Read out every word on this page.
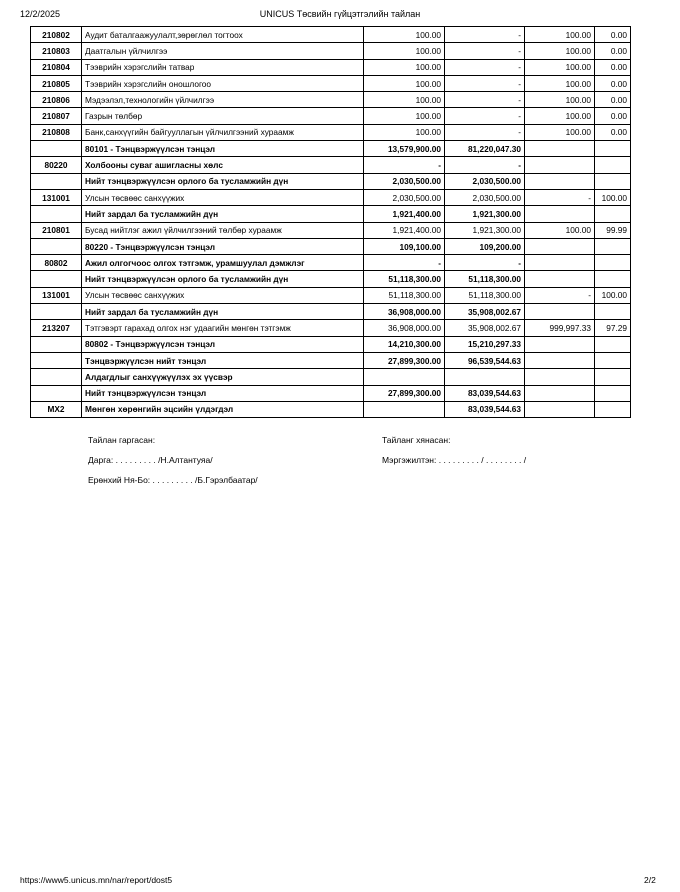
12/2/2025	UNICUS Төсвийн гүйцэтгэлийн тайлан
210802	Аудит баталгаажуулалт,зөрөглөл тогтоох	100.00	-	100.00	0.00
210803	Даатгалын үйлчилгээ	100.00	-	100.00	0.00
210804	Тээврийн хэрэгслийн татвар	100.00	-	100.00	0.00
210805	Тээврийн хэрэгслийн оношлогоо	100.00	-	100.00	0.00
210806	Мэдээлэл,технологийн үйлчилгээ	100.00	-	100.00	0.00
210807	Газрын төлбөр	100.00	-	100.00	0.00
210808	Банк,санхүүгийн байгууллагын үйлчилгээний хураамж	100.00	-	100.00	0.00
	80101 - Тэнцвэржүүлсэн тэнцэл	13,579,900.00	81,220,047.30		
80220	Холбооны суваг ашигласны хөлс	-	-		
	Нийт тэнцвэржүүлсэн орлого ба тусламжийн дүн	2,030,500.00	2,030,500.00		
131001	Улсын төсвөөс санхүүжих	2,030,500.00	2,030,500.00	-	100.00
	Нийт зардал ба тусламжийн дүн	1,921,400.00	1,921,300.00		
210801	Бусад нийтлэг ажил үйлчилгээний төлбөр хураамж	1,921,400.00	1,921,300.00	100.00	99.99
	80220 - Тэнцвэржүүлсэн тэнцэл	109,100.00	109,200.00		
80802	Ажил олгогчоос олгох тэтгэмж, урамшуулал дэмжлэг	-	-		
	Нийт тэнцвэржүүлсэн орлого ба тусламжийн дүн	51,118,300.00	51,118,300.00		
131001	Улсын төсвөөс санхүүжих	51,118,300.00	51,118,300.00	-	100.00
	Нийт зардал ба тусламжийн дүн	36,908,000.00	35,908,002.67		
213207	Тэтгэвэрт гарахад олгох нэг удаагийн мөнгөн тэтгэмж	36,908,000.00	35,908,002.67	999,997.33	97.29
	80802 - Тэнцвэржүүлсэн тэнцэл	14,210,300.00	15,210,297.33		
	Тэнцвэржүүлсэн нийт тэнцэл	27,899,300.00	96,539,544.63		
	Алдагдлыг санхүүжүүлэх эх үүсвэр				
	Нийт тэнцвэржүүлсэн тэнцэл	27,899,300.00	83,039,544.63		
МХ2	Мөнгөн хөрөнгийн эцсийн үлдэгдэл		83,039,544.63		
Тайлан гаргасан:	Тайланг хянасан:
Дарга: . . . . . . . . . /Н.Алтантуяа/	Мэргэжилтэн: . . . . . . . . . / . . . . . . . . /
Ерөнхий Ня-Бо: . . . . . . . . . /Б.Гэрэлбаатар/
https://www5.unicus.mn/nar/report/dost5	2/2
